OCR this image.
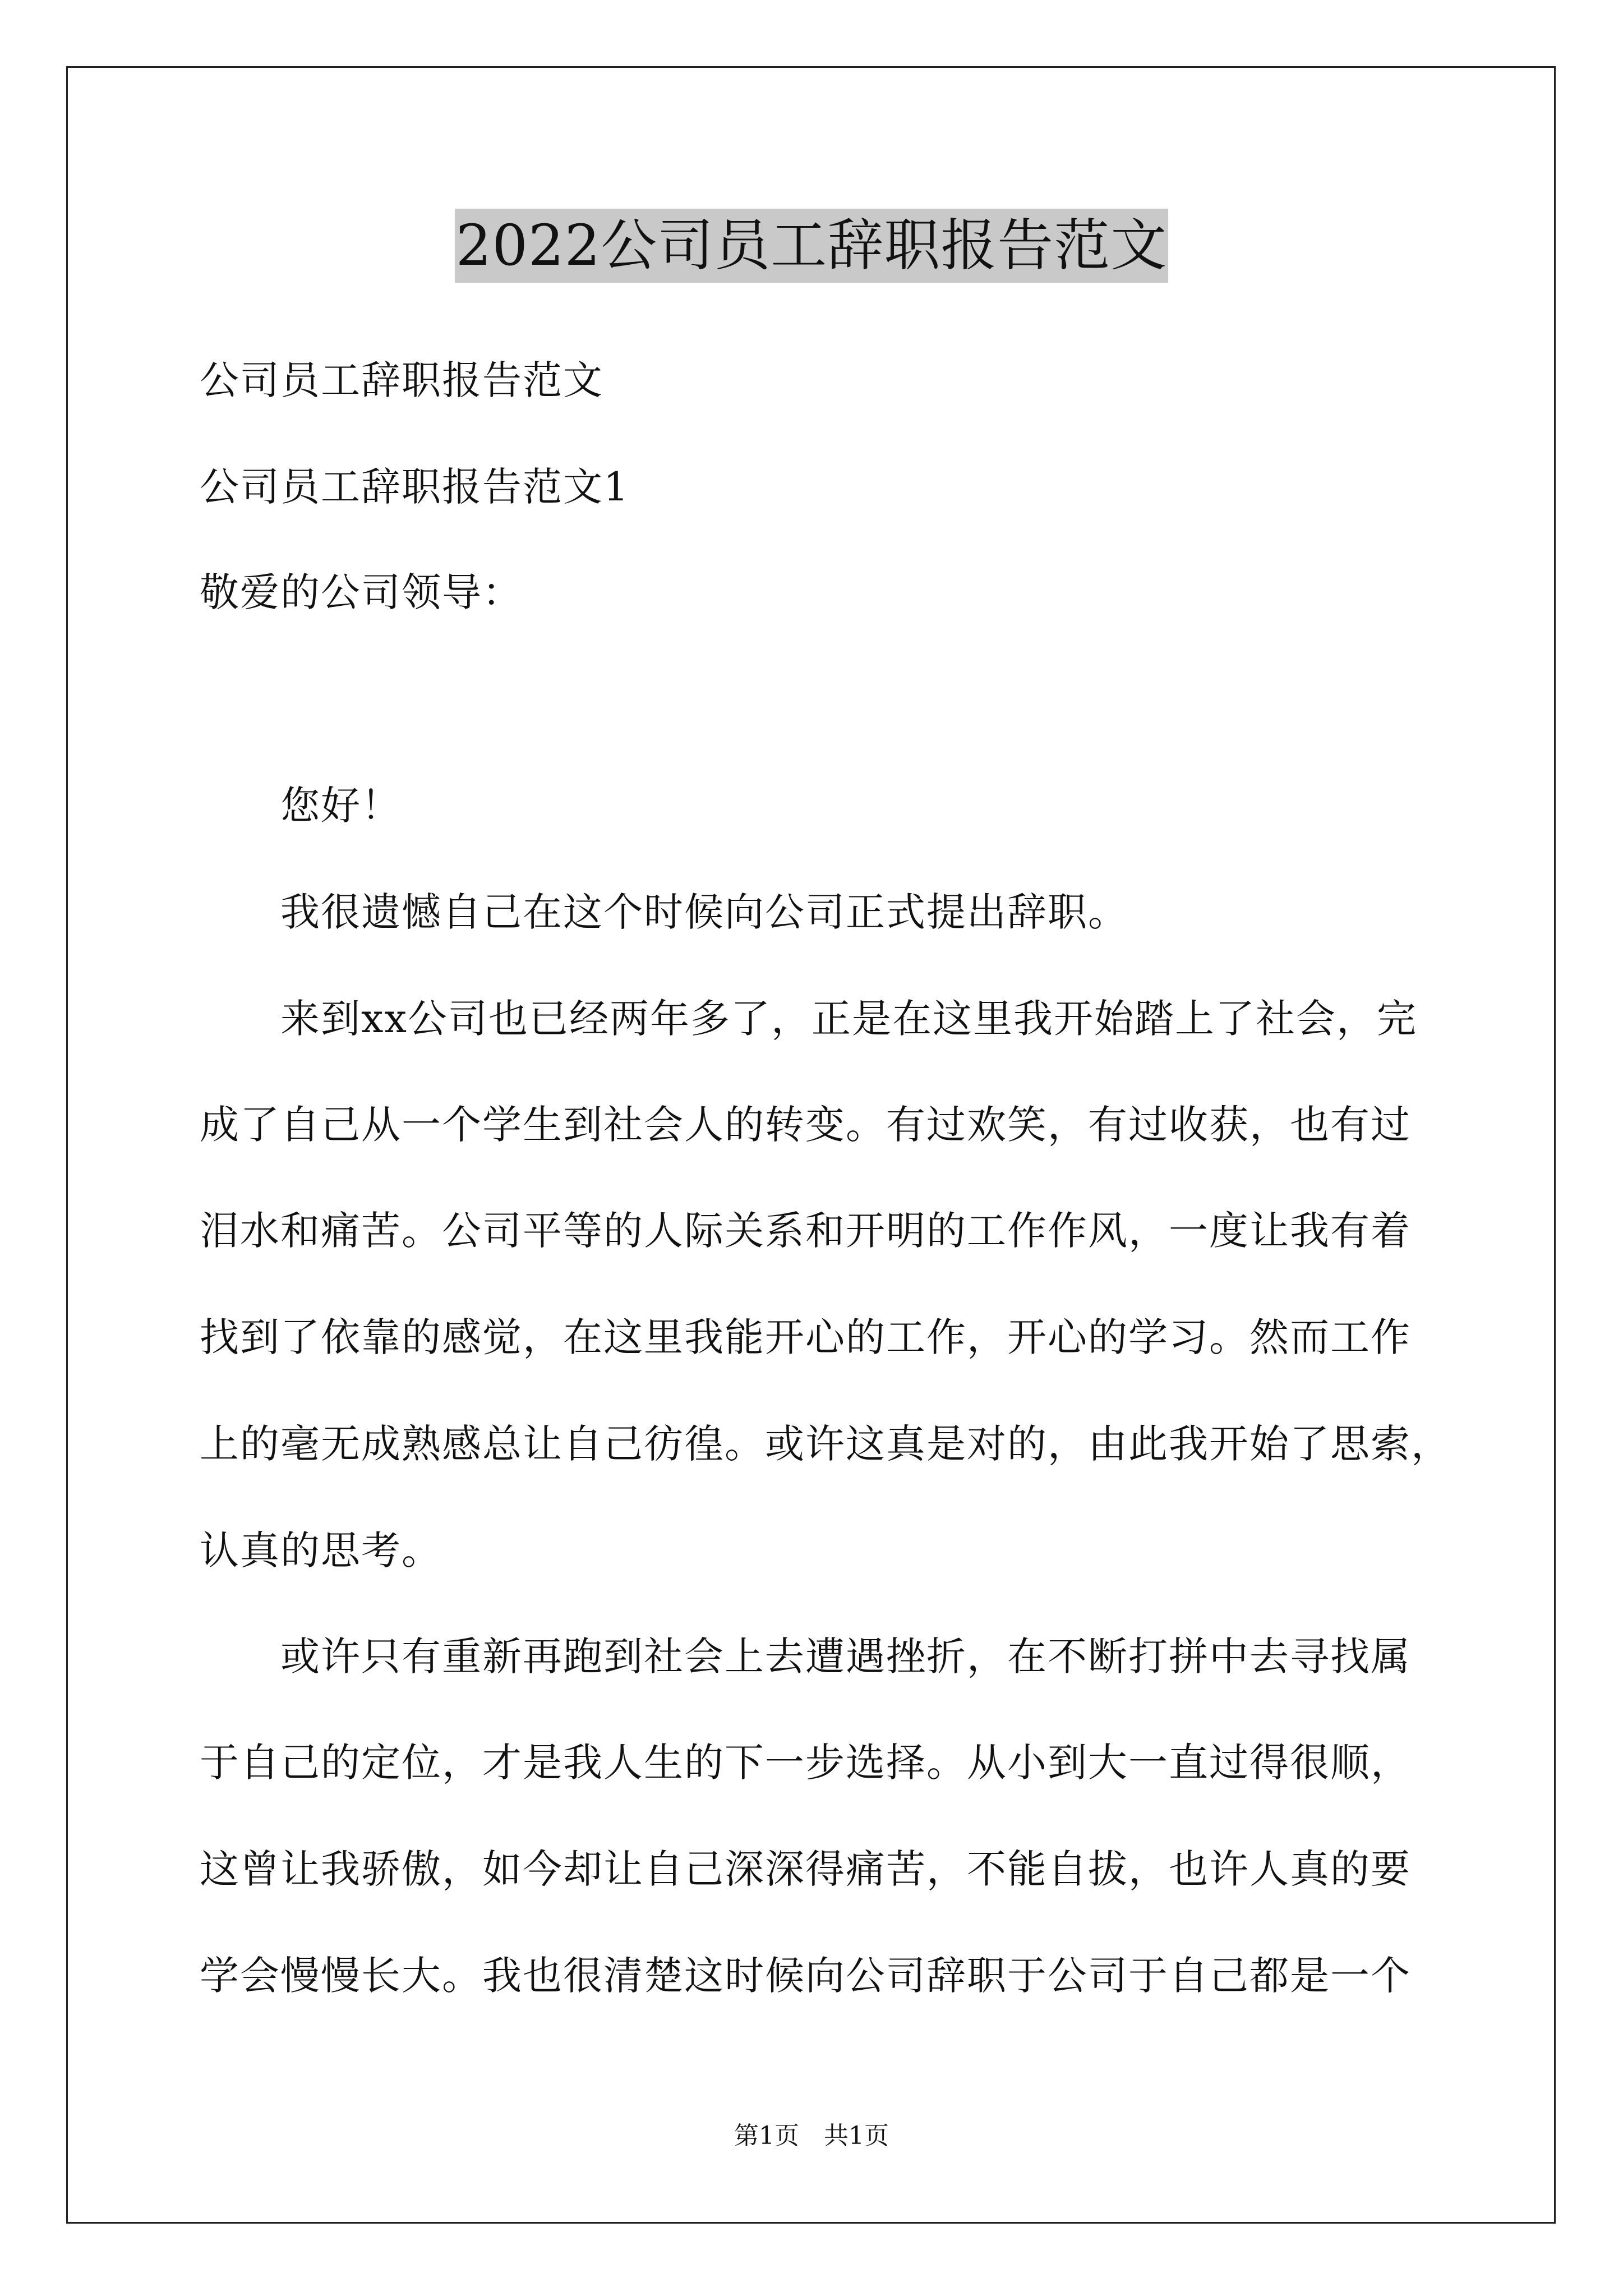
2022公司员工辞职报告范文
公司员工辞职报告范文
公司员工辞职报告范文1
敬爱的公司领导：
您好！
我很遗憾自己在这个时候向公司正式提出辞职。
来到xx公司也已经两年多了，正是在这里我开始踏上了社会，完
成了自己从一个学生到社会人的转变。有过欢笑，有过收获，也有过
泪水和痛苦。公司平等的人际关系和开明的工作作风，一度让我有着
找到了依靠的感觉，在这里我能开心的工作，开心的学习。然而工作
上的毫无成熟感总让自己彷徨。或许这真是对的，由此我开始了思索，
认真的思考。
或许只有重新再跑到社会上去遭遇挫折，在不断打拼中去寻找属
于自己的定位，才是我人生的下一步选择。从小到大一直过得很顺，
这曾让我骄傲，如今却让自己深深得痛苦，不能自拔，也许人真的要
学会慢慢长大。我也很清楚这时候向公司辞职于公司于自己都是一个
第1页 共1页
